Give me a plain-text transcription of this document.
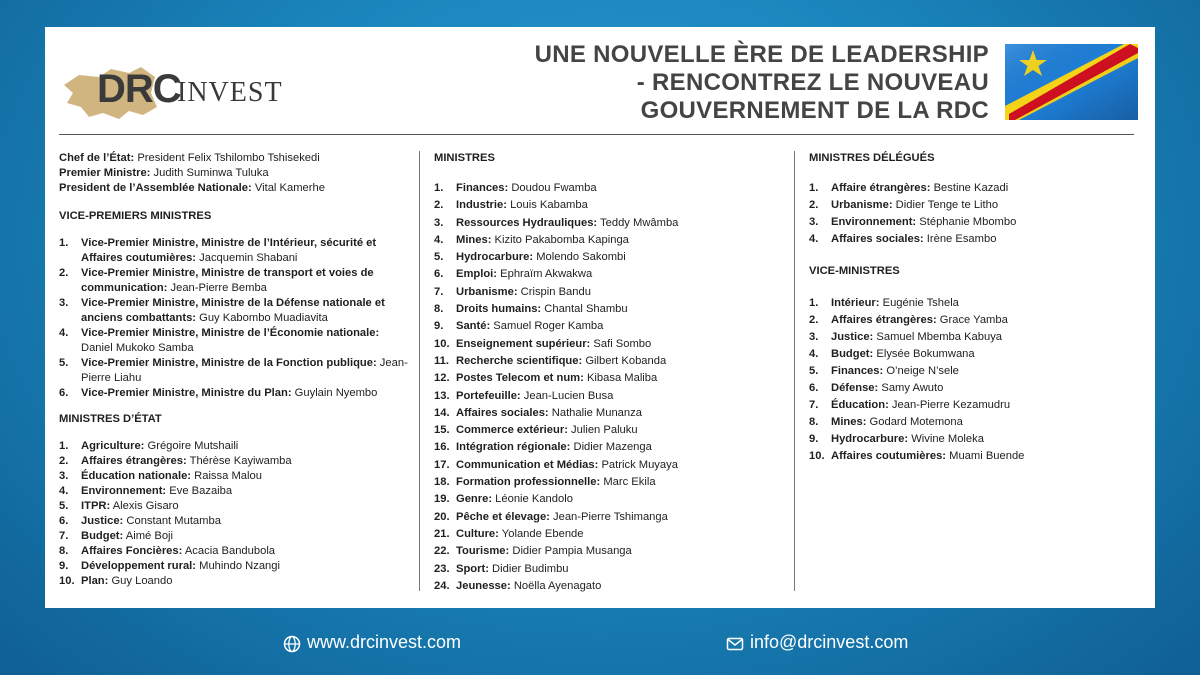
DRC
INVEST
UNE NOUVELLE ÈRE DE LEADERSHIP
- RENCONTREZ LE NOUVEAU
GOUVERNEMENT DE LA RDC
Chef de l’État: President Felix Tshilombo Tshisekedi
Premier Ministre: Judith Suminwa Tuluka
President de l’Assemblée Nationale: Vital Kamerhe
VICE-PREMIERS MINISTRES
1. Vice-Premier Ministre, Ministre de l’Intérieur, sécurité et Affaires coutumières: Jacquemin Shabani
2. Vice-Premier Ministre, Ministre de transport et voies de communication: Jean-Pierre Bemba
3. Vice-Premier Ministre, Ministre de la Défense nationale et anciens combattants: Guy Kabombo Muadiavita
4. Vice-Premier Ministre, Ministre de l’Économie nationale: Daniel Mukoko Samba
5. Vice-Premier Ministre, Ministre de la Fonction publique: Jean-Pierre Liahu
6. Vice-Premier Ministre, Ministre du Plan: Guylain Nyembo
MINISTRES D’ÉTAT
1. Agriculture: Grégoire Mutshaili
2. Affaires étrangères: Thérèse Kayiwamba
3. Éducation nationale: Raissa Malou
4. Environnement: Eve Bazaiba
5. ITPR: Alexis Gisaro
6. Justice: Constant Mutamba
7. Budget: Aimé Boji
8. Affaires Foncières: Acacia Bandubola
9. Développement rural: Muhindo Nzangi
10. Plan: Guy Loando
MINISTRES
1. Finances: Doudou Fwamba
2. Industrie: Louis Kabamba
3. Ressources Hydrauliques: Teddy Mwâmba
4. Mines: Kizito Pakabomba Kapinga
5. Hydrocarbure: Molendo Sakombi
6. Emploi: Ephraïm Akwakwa
7. Urbanisme: Crispin Bandu
8. Droits humains: Chantal Shambu
9. Santé: Samuel Roger Kamba
10. Enseignement supérieur: Safi Sombo
11. Recherche scientifique: Gilbert Kobanda
12. Postes Telecom et num: Kibasa Maliba
13. Portefeuille: Jean-Lucien Busa
14. Affaires sociales: Nathalie Munanza
15. Commerce extérieur: Julien Paluku
16. Intégration régionale: Didier Mazenga
17. Communication et Médias: Patrick Muyaya
18. Formation professionnelle: Marc Ekila
19. Genre: Léonie Kandolo
20. Pêche et élevage: Jean-Pierre Tshimanga
21. Culture: Yolande Ebende
22. Tourisme: Didier Pampia Musanga
23. Sport: Didier Budimbu
24. Jeunesse: Noëlla Ayenagato
MINISTRES DÉLÉGUÉS
1. Affaire étrangères: Bestine Kazadi
2. Urbanisme: Didier Tenge te Litho
3. Environnement: Stéphanie Mbombo
4. Affaires sociales: Irène Esambo
VICE-MINISTRES
1. Intérieur: Eugénie Tshela
2. Affaires étrangères: Grace Yamba
3. Justice: Samuel Mbemba Kabuya
4. Budget: Elysée Bokumwana
5. Finances: O’neige N’sele
6. Défense: Samy Awuto
7. Éducation: Jean-Pierre Kezamudru
8. Mines: Godard Motemona
9. Hydrocarbure: Wivine Moleka
10. Affaires coutumières: Muami Buende
www.drcinvest.com	info@drcinvest.com
